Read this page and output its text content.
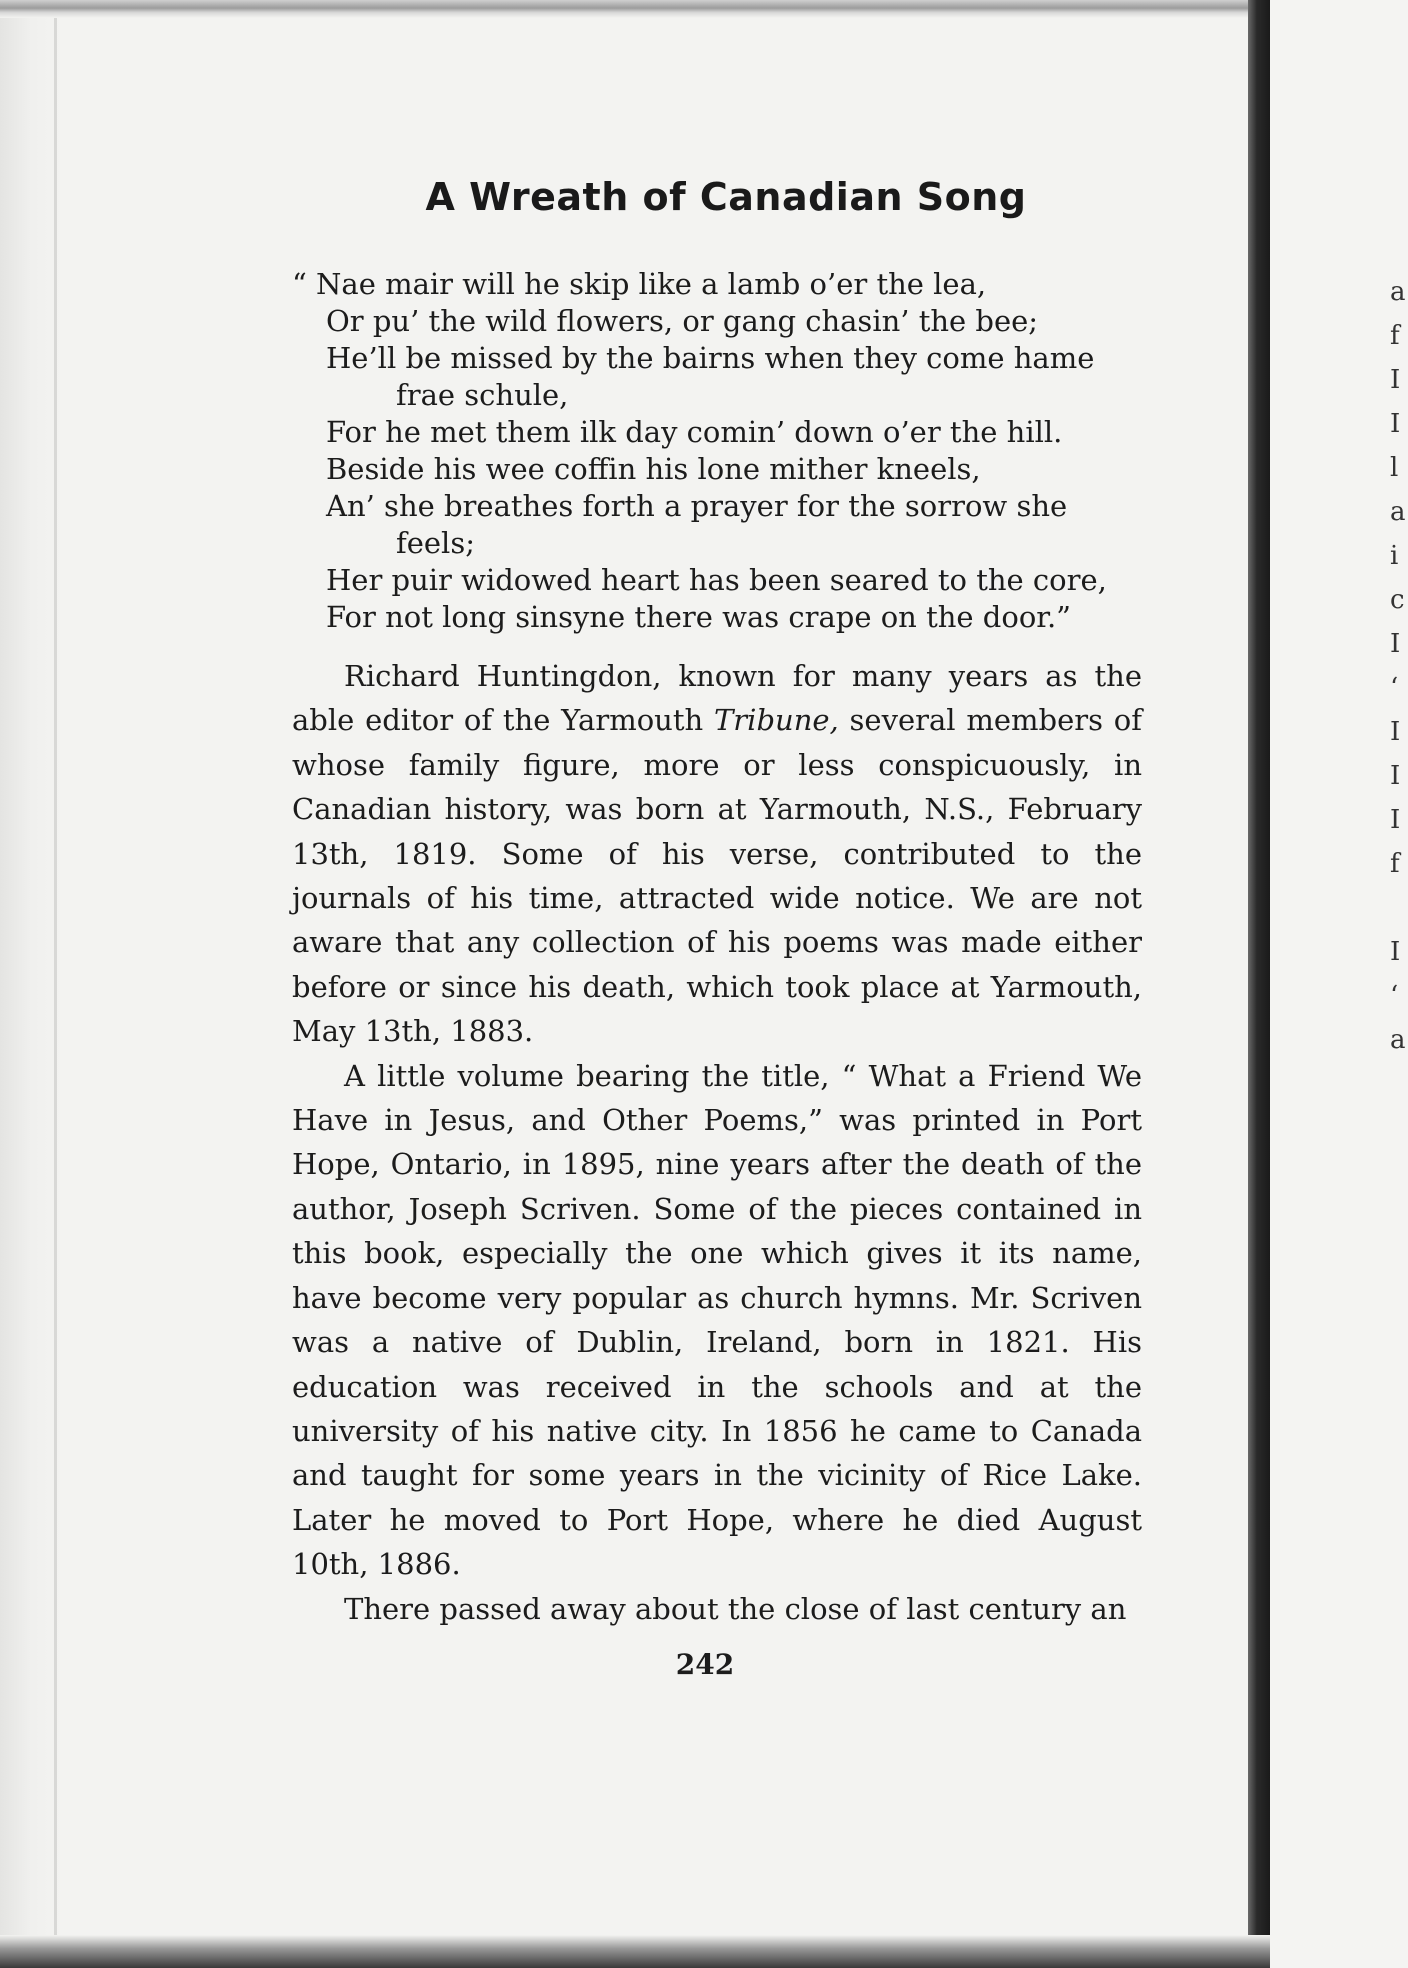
a
f
I
I
l
a
i
c
I
‘
I
I
I
f

I
‘
a
A Wreath of Canadian Song
“ Nae mair will he skip like a lamb o’er the lea,
Or pu’ the wild flowers, or gang chasin’ the bee;
He’ll be missed by the bairns when they come hame
frae schule,
For he met them ilk day comin’ down o’er the hill.
Beside his wee coffin his lone mither kneels,
An’ she breathes forth a prayer for the sorrow she
feels;
Her puir widowed heart has been seared to the core,
For not long sinsyne there was crape on the door.”

Richard Huntingdon, known for many years as the able editor of the Yarmouth Tribune, several members of whose family figure, more or less conspicuously, in Canadian history, was born at Yarmouth, N.S., February 13th, 1819. Some of his verse, contributed to the journals of his time, attracted wide notice. We are not aware that any collection of his poems was made either before or since his death, which took place at Yarmouth, May 13th, 1883.

A little volume bearing the title, “ What a Friend We Have in Jesus, and Other Poems,” was printed in Port Hope, Ontario, in 1895, nine years after the death of the author, Joseph Scriven. Some of the pieces contained in this book, especially the one which gives it its name, have become very popular as church hymns. Mr. Scriven was a native of Dublin, Ireland, born in 1821. His education was received in the schools and at the university of his native city. In 1856 he came to Canada and taught for some years in the vicinity of Rice Lake. Later he moved to Port Hope, where he died August 10th, 1886.

There passed away about the close of last century an

242
